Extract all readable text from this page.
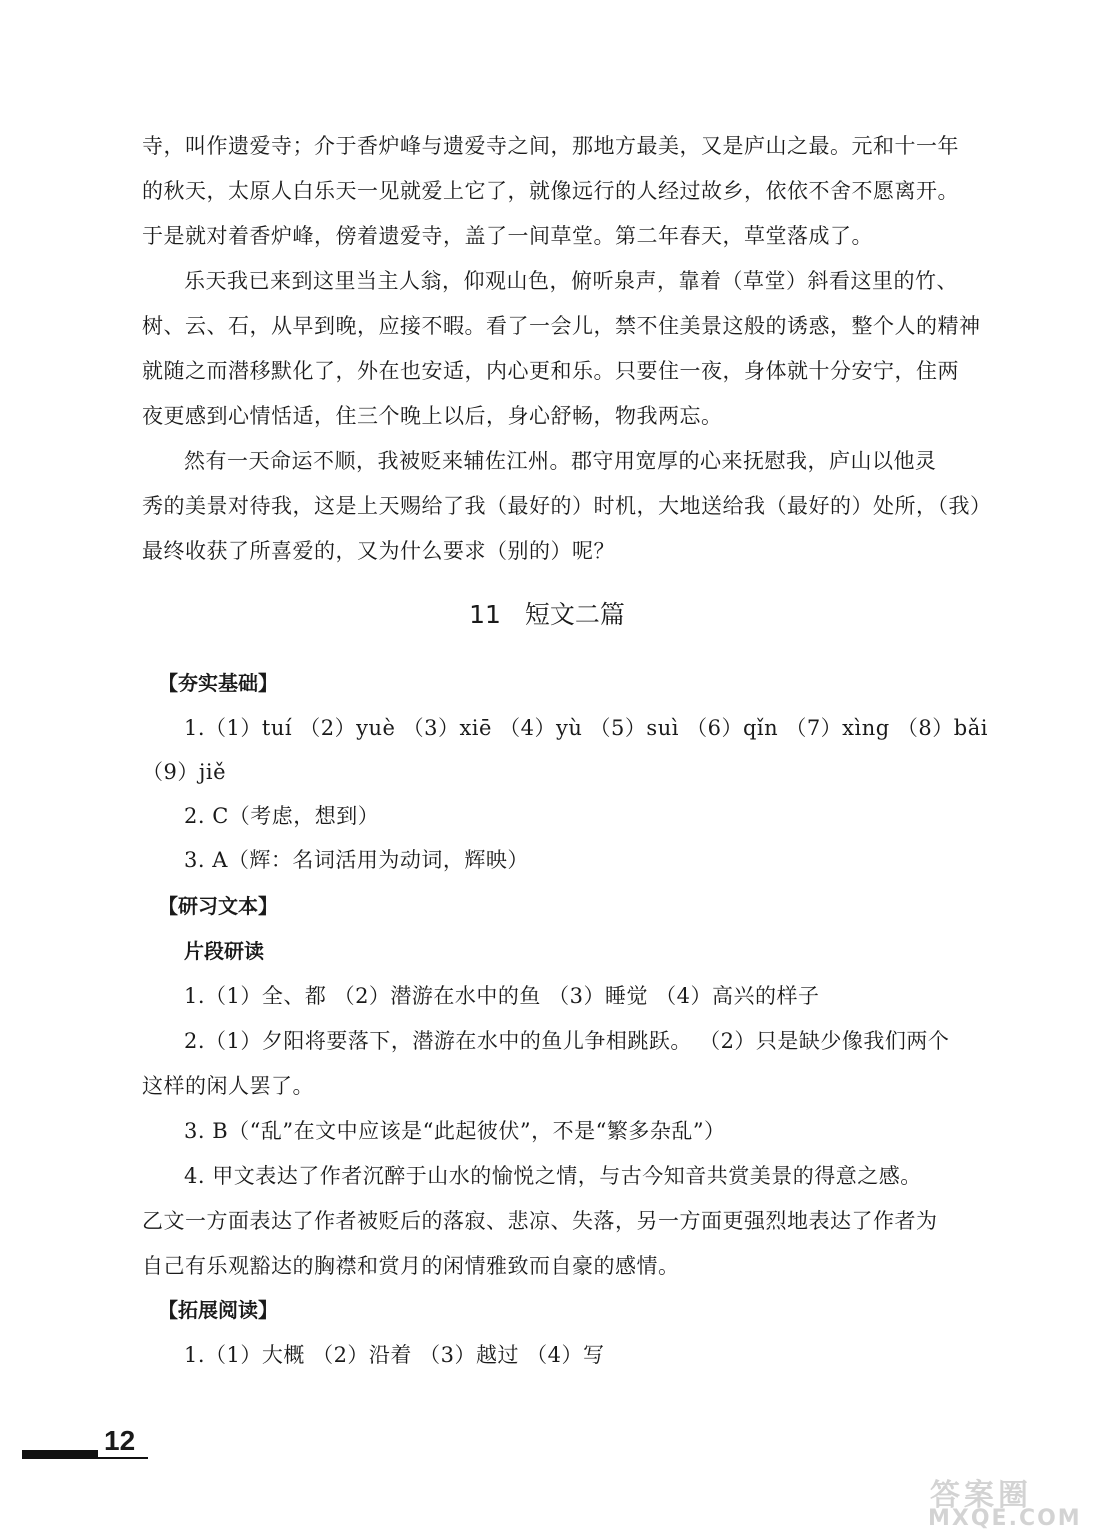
寺，叫作遗爱寺；介于香炉峰与遗爱寺之间，那地方最美，又是庐山之最。元和十一年
的秋天，太原人白乐天一见就爱上它了，就像远行的人经过故乡，依依不舍不愿离开。
于是就对着香炉峰，傍着遗爱寺，盖了一间草堂。第二年春天，草堂落成了。
乐天我已来到这里当主人翁，仰观山色，俯听泉声，靠着（草堂）斜看这里的竹、
树、云、石，从早到晚，应接不暇。看了一会儿，禁不住美景这般的诱惑，整个人的精神
就随之而潜移默化了，外在也安适，内心更和乐。只要住一夜，身体就十分安宁，住两
夜更感到心情恬适，住三个晚上以后，身心舒畅，物我两忘。
然有一天命运不顺，我被贬来辅佐江州。郡守用宽厚的心来抚慰我，庐山以他灵
秀的美景对待我，这是上天赐给了我（最好的）时机，大地送给我（最好的）处所，（我）
最终收获了所喜爱的，又为什么要求（别的）呢？
11 短文二篇
【夯实基础】
1.（1）tuí （2）yuè （3）xiē （4）yù （5）suì （6）qǐn （7）xìng （8）bǎi
（9）jiě
2. C（考虑，想到）
3. A（辉：名词活用为动词，辉映）
【研习文本】
片段研读
1.（1）全、都 （2）潜游在水中的鱼 （3）睡觉 （4）高兴的样子
2.（1）夕阳将要落下，潜游在水中的鱼儿争相跳跃。 （2）只是缺少像我们两个
这样的闲人罢了。
3. B（“乱”在文中应该是“此起彼伏”，不是“繁多杂乱”）
4. 甲文表达了作者沉醉于山水的愉悦之情，与古今知音共赏美景的得意之感。
乙文一方面表达了作者被贬后的落寂、悲凉、失落，另一方面更强烈地表达了作者为
自己有乐观豁达的胸襟和赏月的闲情雅致而自豪的感情。
【拓展阅读】
1.（1）大概 （2）沿着 （3）越过 （4）写
12
答案圈
MXQE.COM
